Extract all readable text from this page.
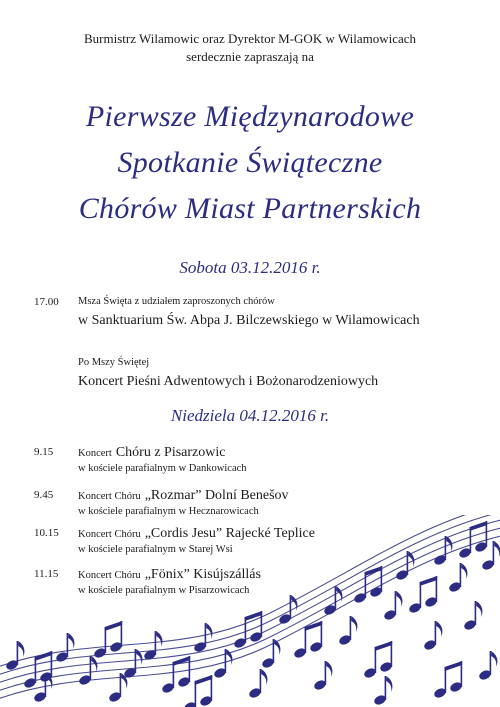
Burmistrz Wilamowic oraz Dyrektor M-GOK w Wilamowicach
serdecznie zapraszają na
Pierwsze Międzynarodowe
Spotkanie Świąteczne
Chórów Miast Partnerskich
Sobota 03.12.2016 r.
17.00 Msza Święta z udziałem zaproszonych chórów
w Sanktuarium Św. Abpa J. Bilczewskiego w Wilamowicach
Po Mszy Świętej
Koncert Pieśni Adwentowych i Bożonarodzeniowych
Niedziela 04.12.2016 r.
9.15 Koncert Chóru z Pisarzowic
w kościele parafialnym w Dankowicach
9.45 Koncert Chóru „Rozmar” Dolní Benešov
w kościele parafialnym w Hecznarowicach
10.15 Koncert Chóru „Cordis Jesu” Rajecké Teplice
w kościele parafialnym w Starej Wsi
11.15 Koncert Chóru „Fönix” Kisújszállás
w kościele parafialnym w Pisarzowicach
